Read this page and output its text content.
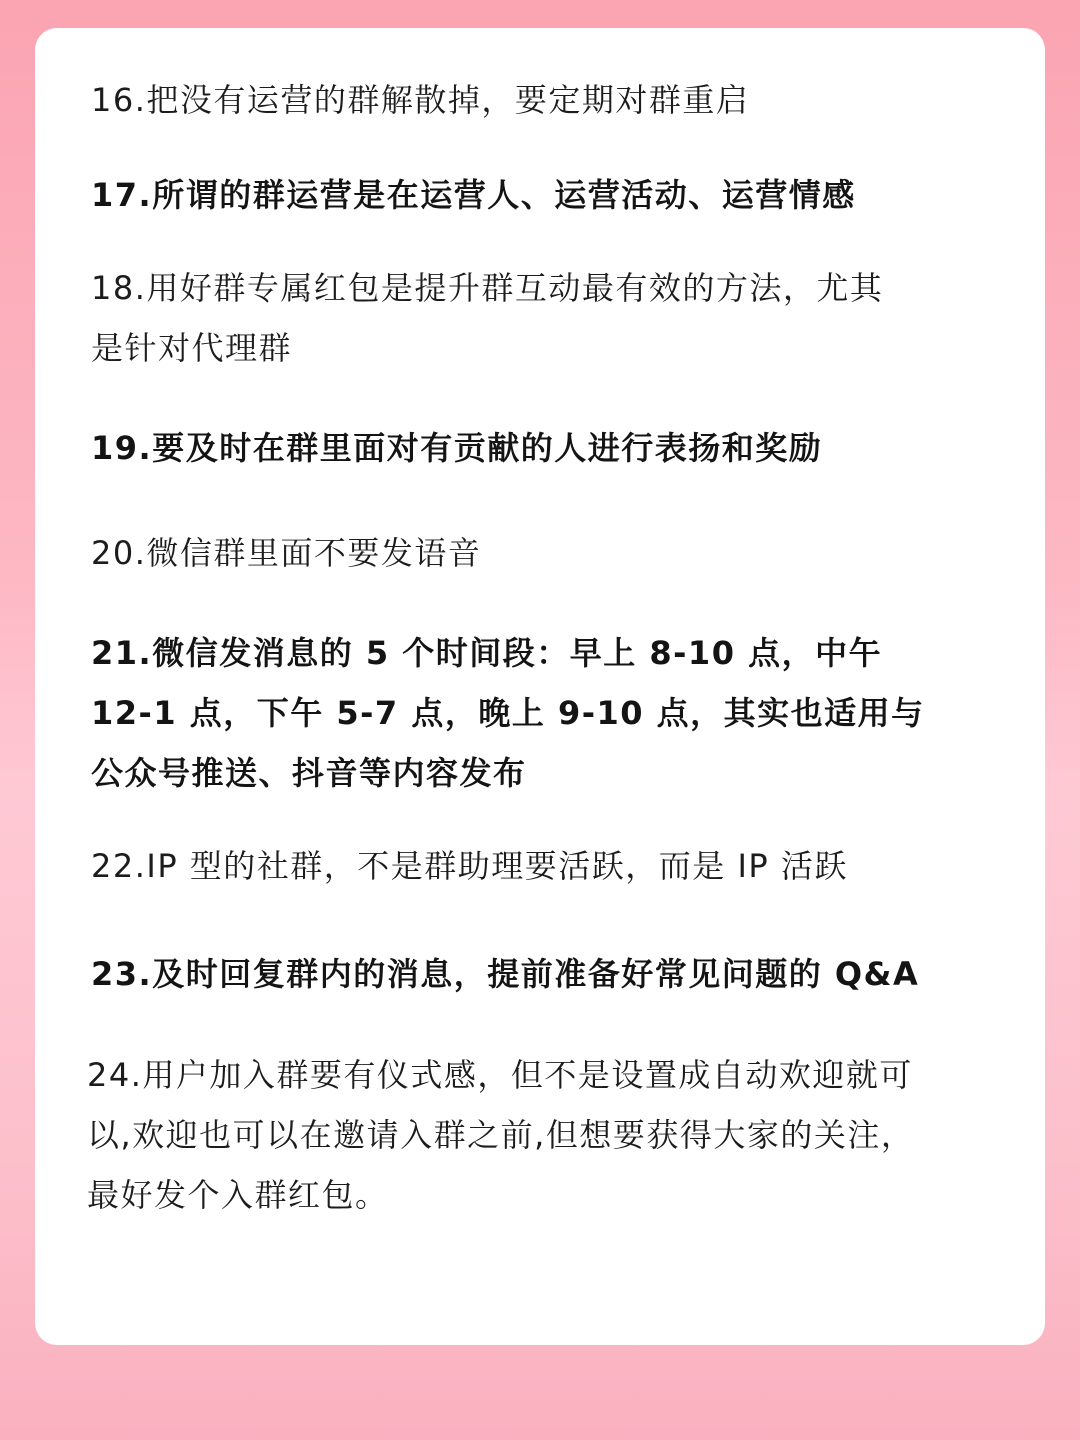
16.把没有运营的群解散掉，要定期对群重启

17.所谓的群运营是在运营人、运营活动、运营情感

18.用好群专属红包是提升群互动最有效的方法，尤其
是针对代理群

19.要及时在群里面对有贡献的人进行表扬和奖励

20.微信群里面不要发语音

21.微信发消息的 5 个时间段：早上 8-10 点，中午
12-1 点，下午 5-7 点，晚上 9-10 点，其实也适用与
公众号推送、抖音等内容发布

22.IP 型的社群，不是群助理要活跃，而是 IP 活跃

23.及时回复群内的消息，提前准备好常见问题的 Q&A

24.用户加入群要有仪式感，但不是设置成自动欢迎就可
以,欢迎也可以在邀请入群之前,但想要获得大家的关注，
最好发个入群红包。
